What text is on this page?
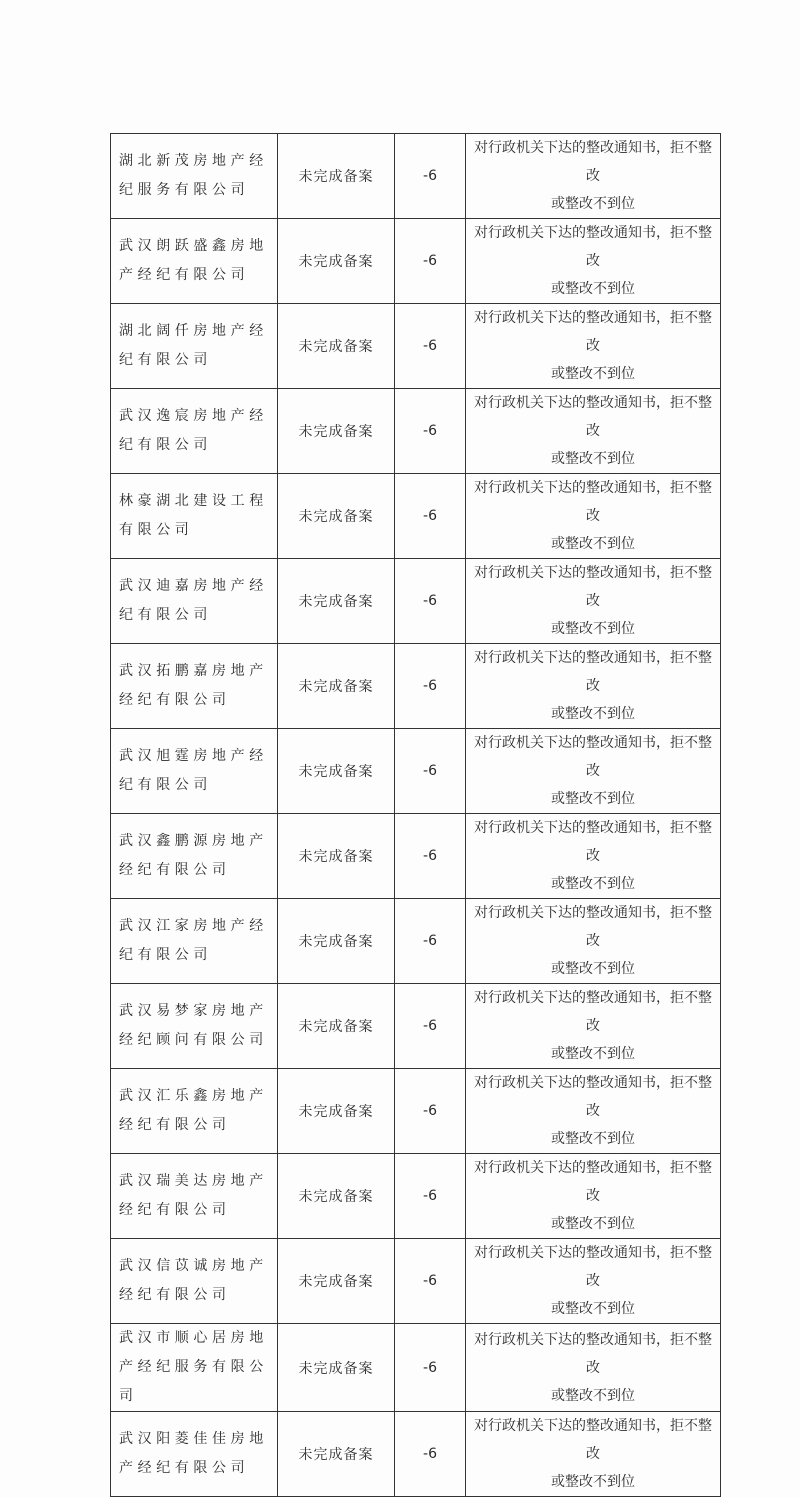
湖北新茂房地产经纪服务有限公司	未完成备案	-6	对行政机关下达的整改通知书，拒不整改
或整改不到位

武汉朗跃盛鑫房地产经纪有限公司	未完成备案	-6	对行政机关下达的整改通知书，拒不整改
或整改不到位

湖北阔仟房地产经纪有限公司	未完成备案	-6	对行政机关下达的整改通知书，拒不整改
或整改不到位

武汉逸宸房地产经纪有限公司	未完成备案	-6	对行政机关下达的整改通知书，拒不整改
或整改不到位

林豪湖北建设工程有限公司	未完成备案	-6	对行政机关下达的整改通知书，拒不整改
或整改不到位

武汉迪嘉房地产经纪有限公司	未完成备案	-6	对行政机关下达的整改通知书，拒不整改
或整改不到位

武汉拓鹏嘉房地产经纪有限公司	未完成备案	-6	对行政机关下达的整改通知书，拒不整改
或整改不到位

武汉旭霆房地产经纪有限公司	未完成备案	-6	对行政机关下达的整改通知书，拒不整改
或整改不到位

武汉鑫鹏源房地产经纪有限公司	未完成备案	-6	对行政机关下达的整改通知书，拒不整改
或整改不到位

武汉江家房地产经纪有限公司	未完成备案	-6	对行政机关下达的整改通知书，拒不整改
或整改不到位

武汉易梦家房地产经纪顾问有限公司	未完成备案	-6	对行政机关下达的整改通知书，拒不整改
或整改不到位

武汉汇乐鑫房地产经纪有限公司	未完成备案	-6	对行政机关下达的整改通知书，拒不整改
或整改不到位

武汉瑞美达房地产经纪有限公司	未完成备案	-6	对行政机关下达的整改通知书，拒不整改
或整改不到位

武汉信苡诚房地产经纪有限公司	未完成备案	-6	对行政机关下达的整改通知书，拒不整改
或整改不到位

武汉市顺心居房地产经纪服务有限公司	未完成备案	-6	对行政机关下达的整改通知书，拒不整改
或整改不到位

武汉阳菱佳佳房地产经纪有限公司	未完成备案	-6	对行政机关下达的整改通知书，拒不整改
或整改不到位
